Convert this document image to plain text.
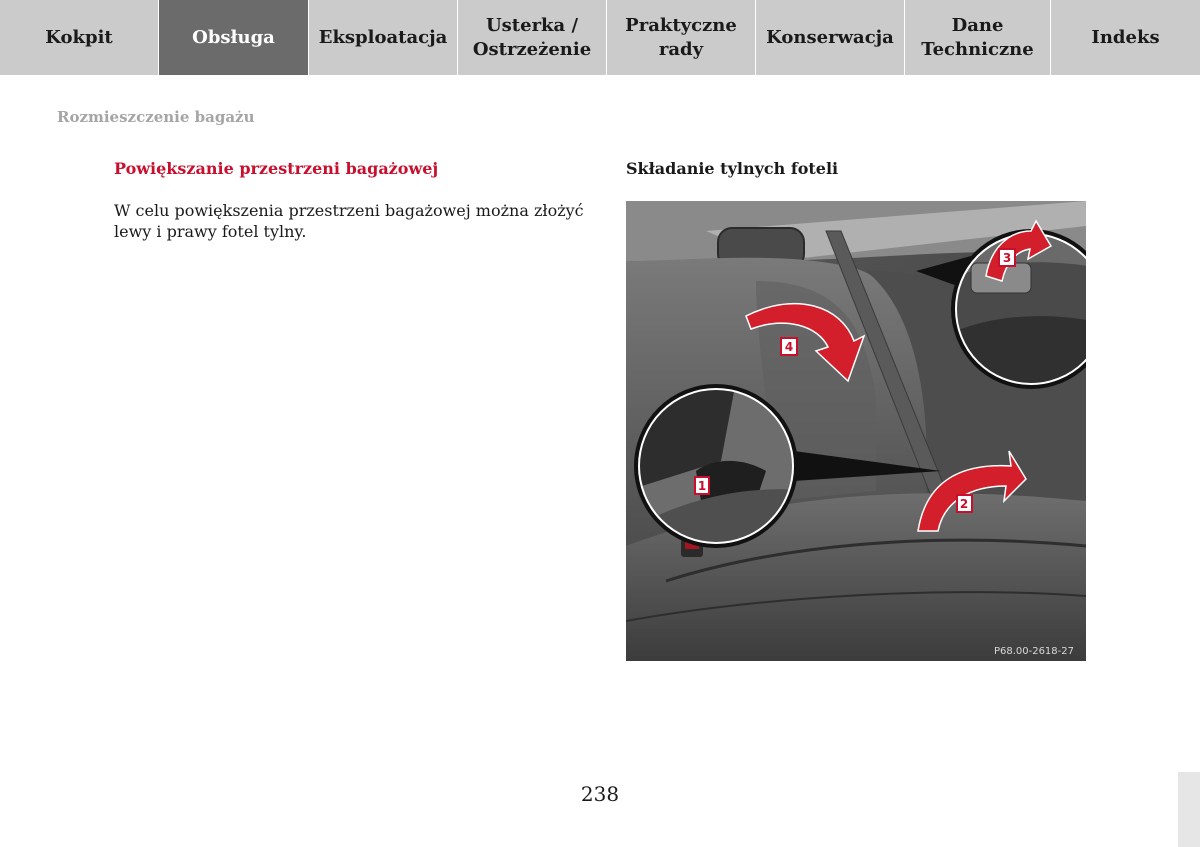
Kokpit	Obsługa	Eksploatacja
Usterka /
Ostrzeżenie
Praktyczne
rady
Konserwacja
Dane
Techniczne
Indeks
Rozmieszczenie bagażu
Powiększanie przestrzeni bagażowej
W celu powiększenia przestrzeni bagażowej można złożyć lewy i prawy fotel tylny.
Składanie tylnych foteli
1
2
3
4
P68.00-2618-27
238
